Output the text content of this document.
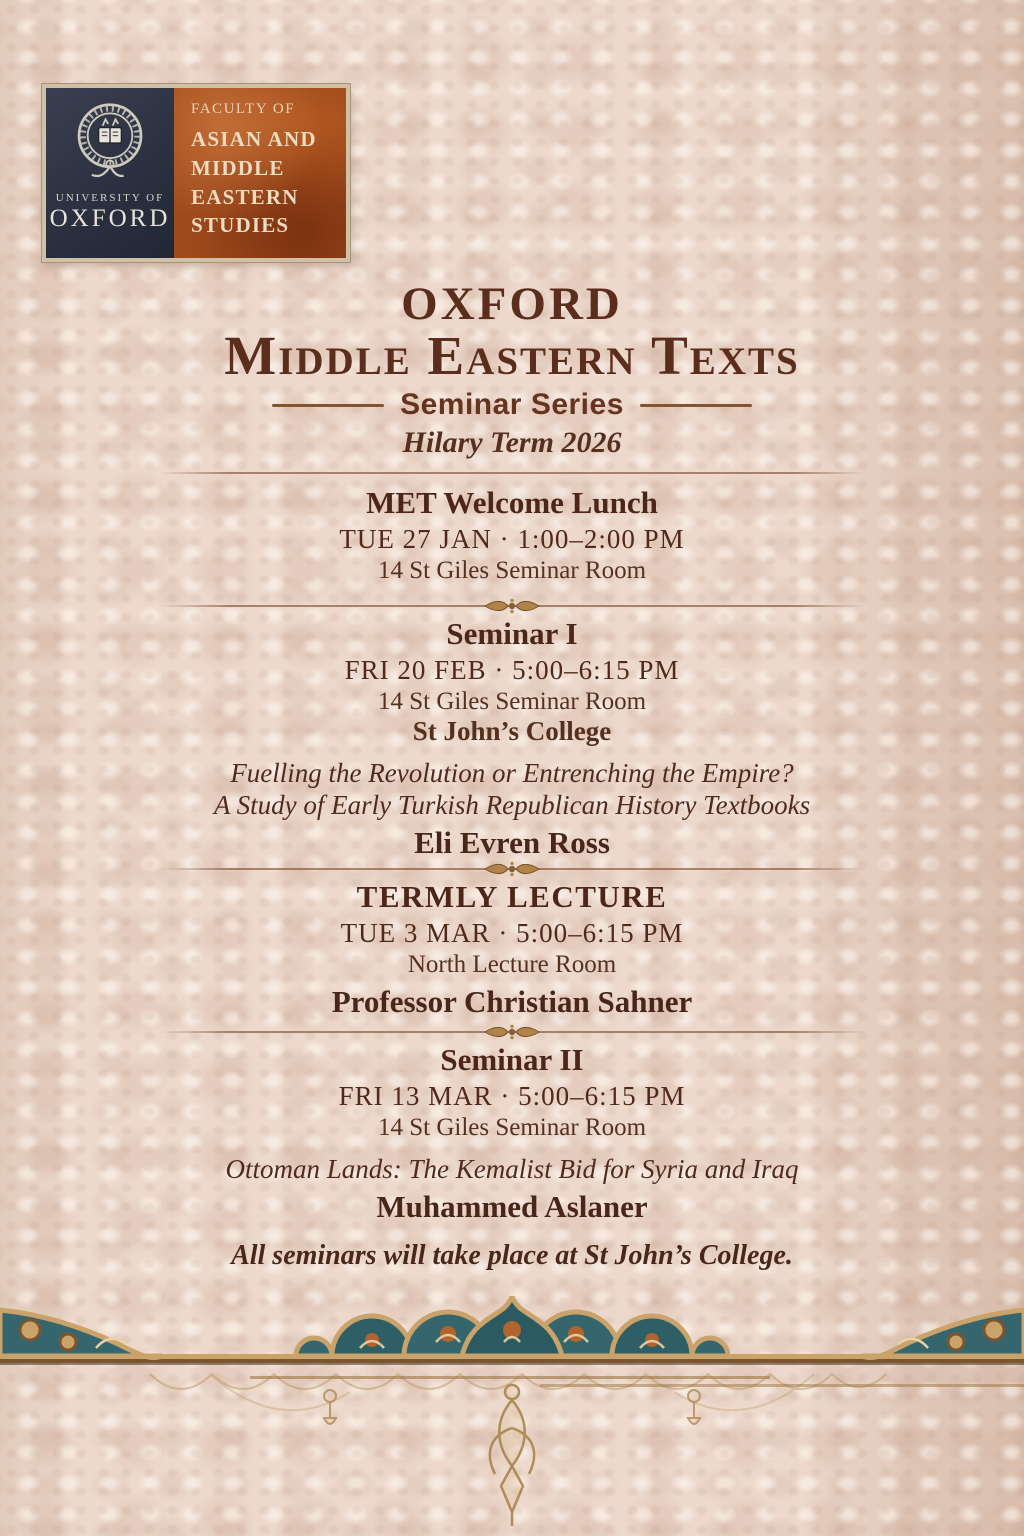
UNIVERSITY OF
OXFORD
FACULTY OF
ASIAN AND
MIDDLE
EASTERN
STUDIES
OXFORD
Middle Eastern Texts
Seminar Series
Hilary Term 2026
MET Welcome Lunch
TUE 27 JAN · 1:00–2:00 PM
14 St Giles Seminar Room
Seminar I
FRI 20 FEB · 5:00–6:15 PM
14 St Giles Seminar Room
St John’s College
Fuelling the Revolution or Entrenching the Empire?
A Study of Early Turkish Republican History Textbooks
Eli Evren Ross
TERMLY LECTURE
TUE 3 MAR · 5:00–6:15 PM
North Lecture Room
Professor Christian Sahner
Seminar II
FRI 13 MAR · 5:00–6:15 PM
14 St Giles Seminar Room
Ottoman Lands: The Kemalist Bid for Syria and Iraq
Muhammed Aslaner
All seminars will take place at St John’s College.
